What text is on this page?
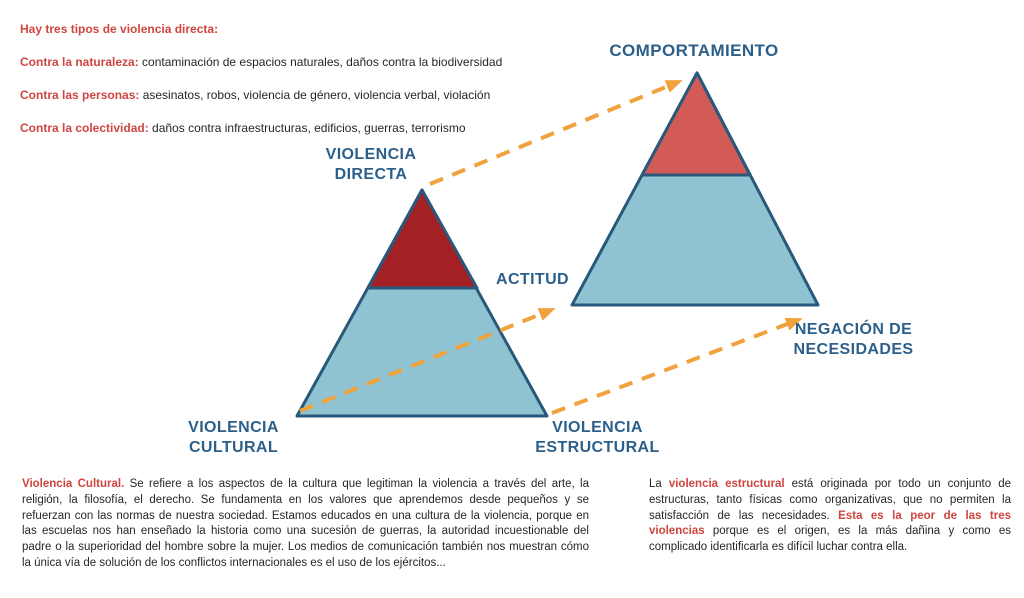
Hay tres tipos de violencia directa:

Contra la naturaleza: contaminación de espacios naturales, daños contra la biodiversidad

Contra las personas: asesinatos, robos, violencia de género, violencia verbal, violación

Contra la colectividad: daños contra infraestructuras, edificios, guerras, terrorismo

COMPORTAMIENTO
VIOLENCIA
DIRECTA
ACTITUD
VIOLENCIA
CULTURAL
VIOLENCIA
ESTRUCTURAL
NEGACIÓN DE
NECESIDADES
Violencia Cultural. Se refiere a los aspectos de la cultura que legitiman la violencia a través del arte, la religión, la filosofía, el derecho. Se fundamenta en los valores que aprendemos desde pequeños y se refuerzan con las normas de nuestra sociedad. Estamos educados en una cultura de la violencia, porque en las escuelas nos han enseñado la historia como una sucesión de guerras, la autoridad incuestionable del padre o la superioridad del hombre sobre la mujer. Los medios de comunicación también nos muestran cómo la única vía de solución de los conflictos internacionales es el uso de los ejércitos...
La violencia estructural está originada por todo un conjunto de estructuras, tanto físicas como organizativas, que no permiten la satisfacción de las necesidades. Esta es la peor de las tres violencias porque es el origen, es la más dañina y como es complicado identificarla es difícil luchar contra ella.
